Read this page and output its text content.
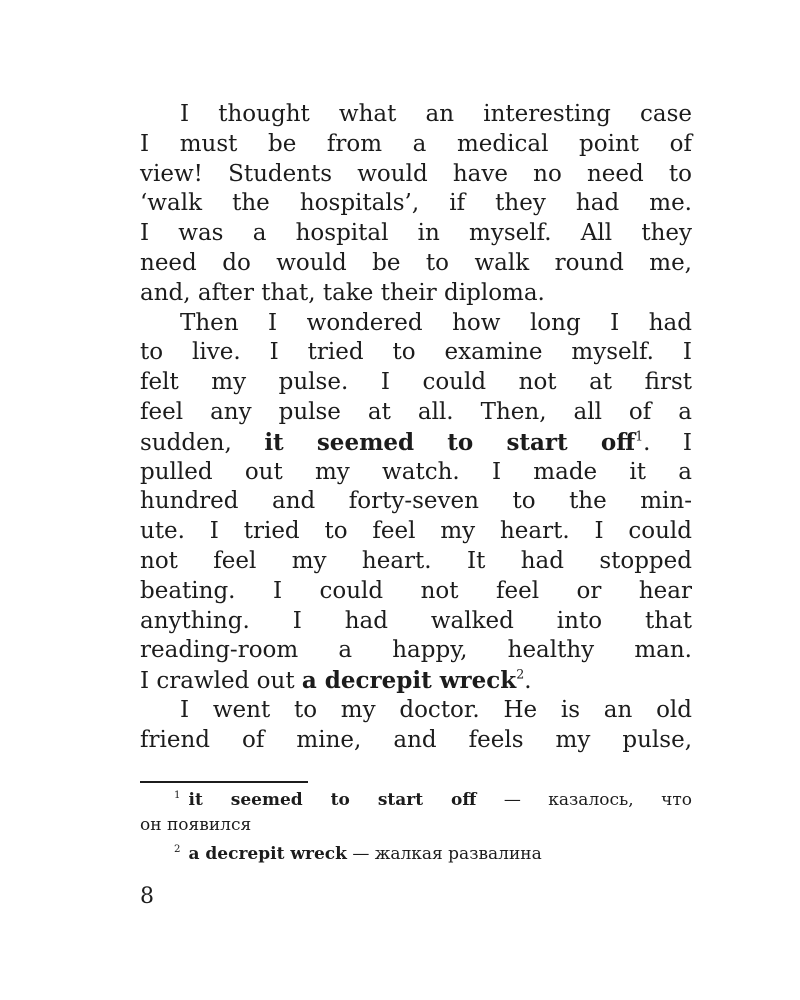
I thought what an interesting case
I must be from a medical point of
view! Students would have no need to
‘walk the hospitals’, if they had me.
I was a hospital in myself. All they
need do would be to walk round me,
and, after that, take their diploma.
Then I wondered how long I had
to live. I tried to examine myself. I
felt my pulse. I could not at first
feel any pulse at all. Then, all of a
sudden, it seemed to start off$^1$. I
pulled out my watch. I made it a
hundred and forty-seven to the min-
ute. I tried to feel my heart. I could
not feel my heart. It had stopped
beating. I could not feel or hear
anything. I had walked into that
reading-room a happy, healthy man.
I crawled out a decrepit wreck$^2$.
I went to my doctor. He is an old
friend of mine, and feels my pulse,
$^1$ it seemed to start off — казалось, что
он появился
$^2$ a decrepit wreck — жалкая развалина
8
